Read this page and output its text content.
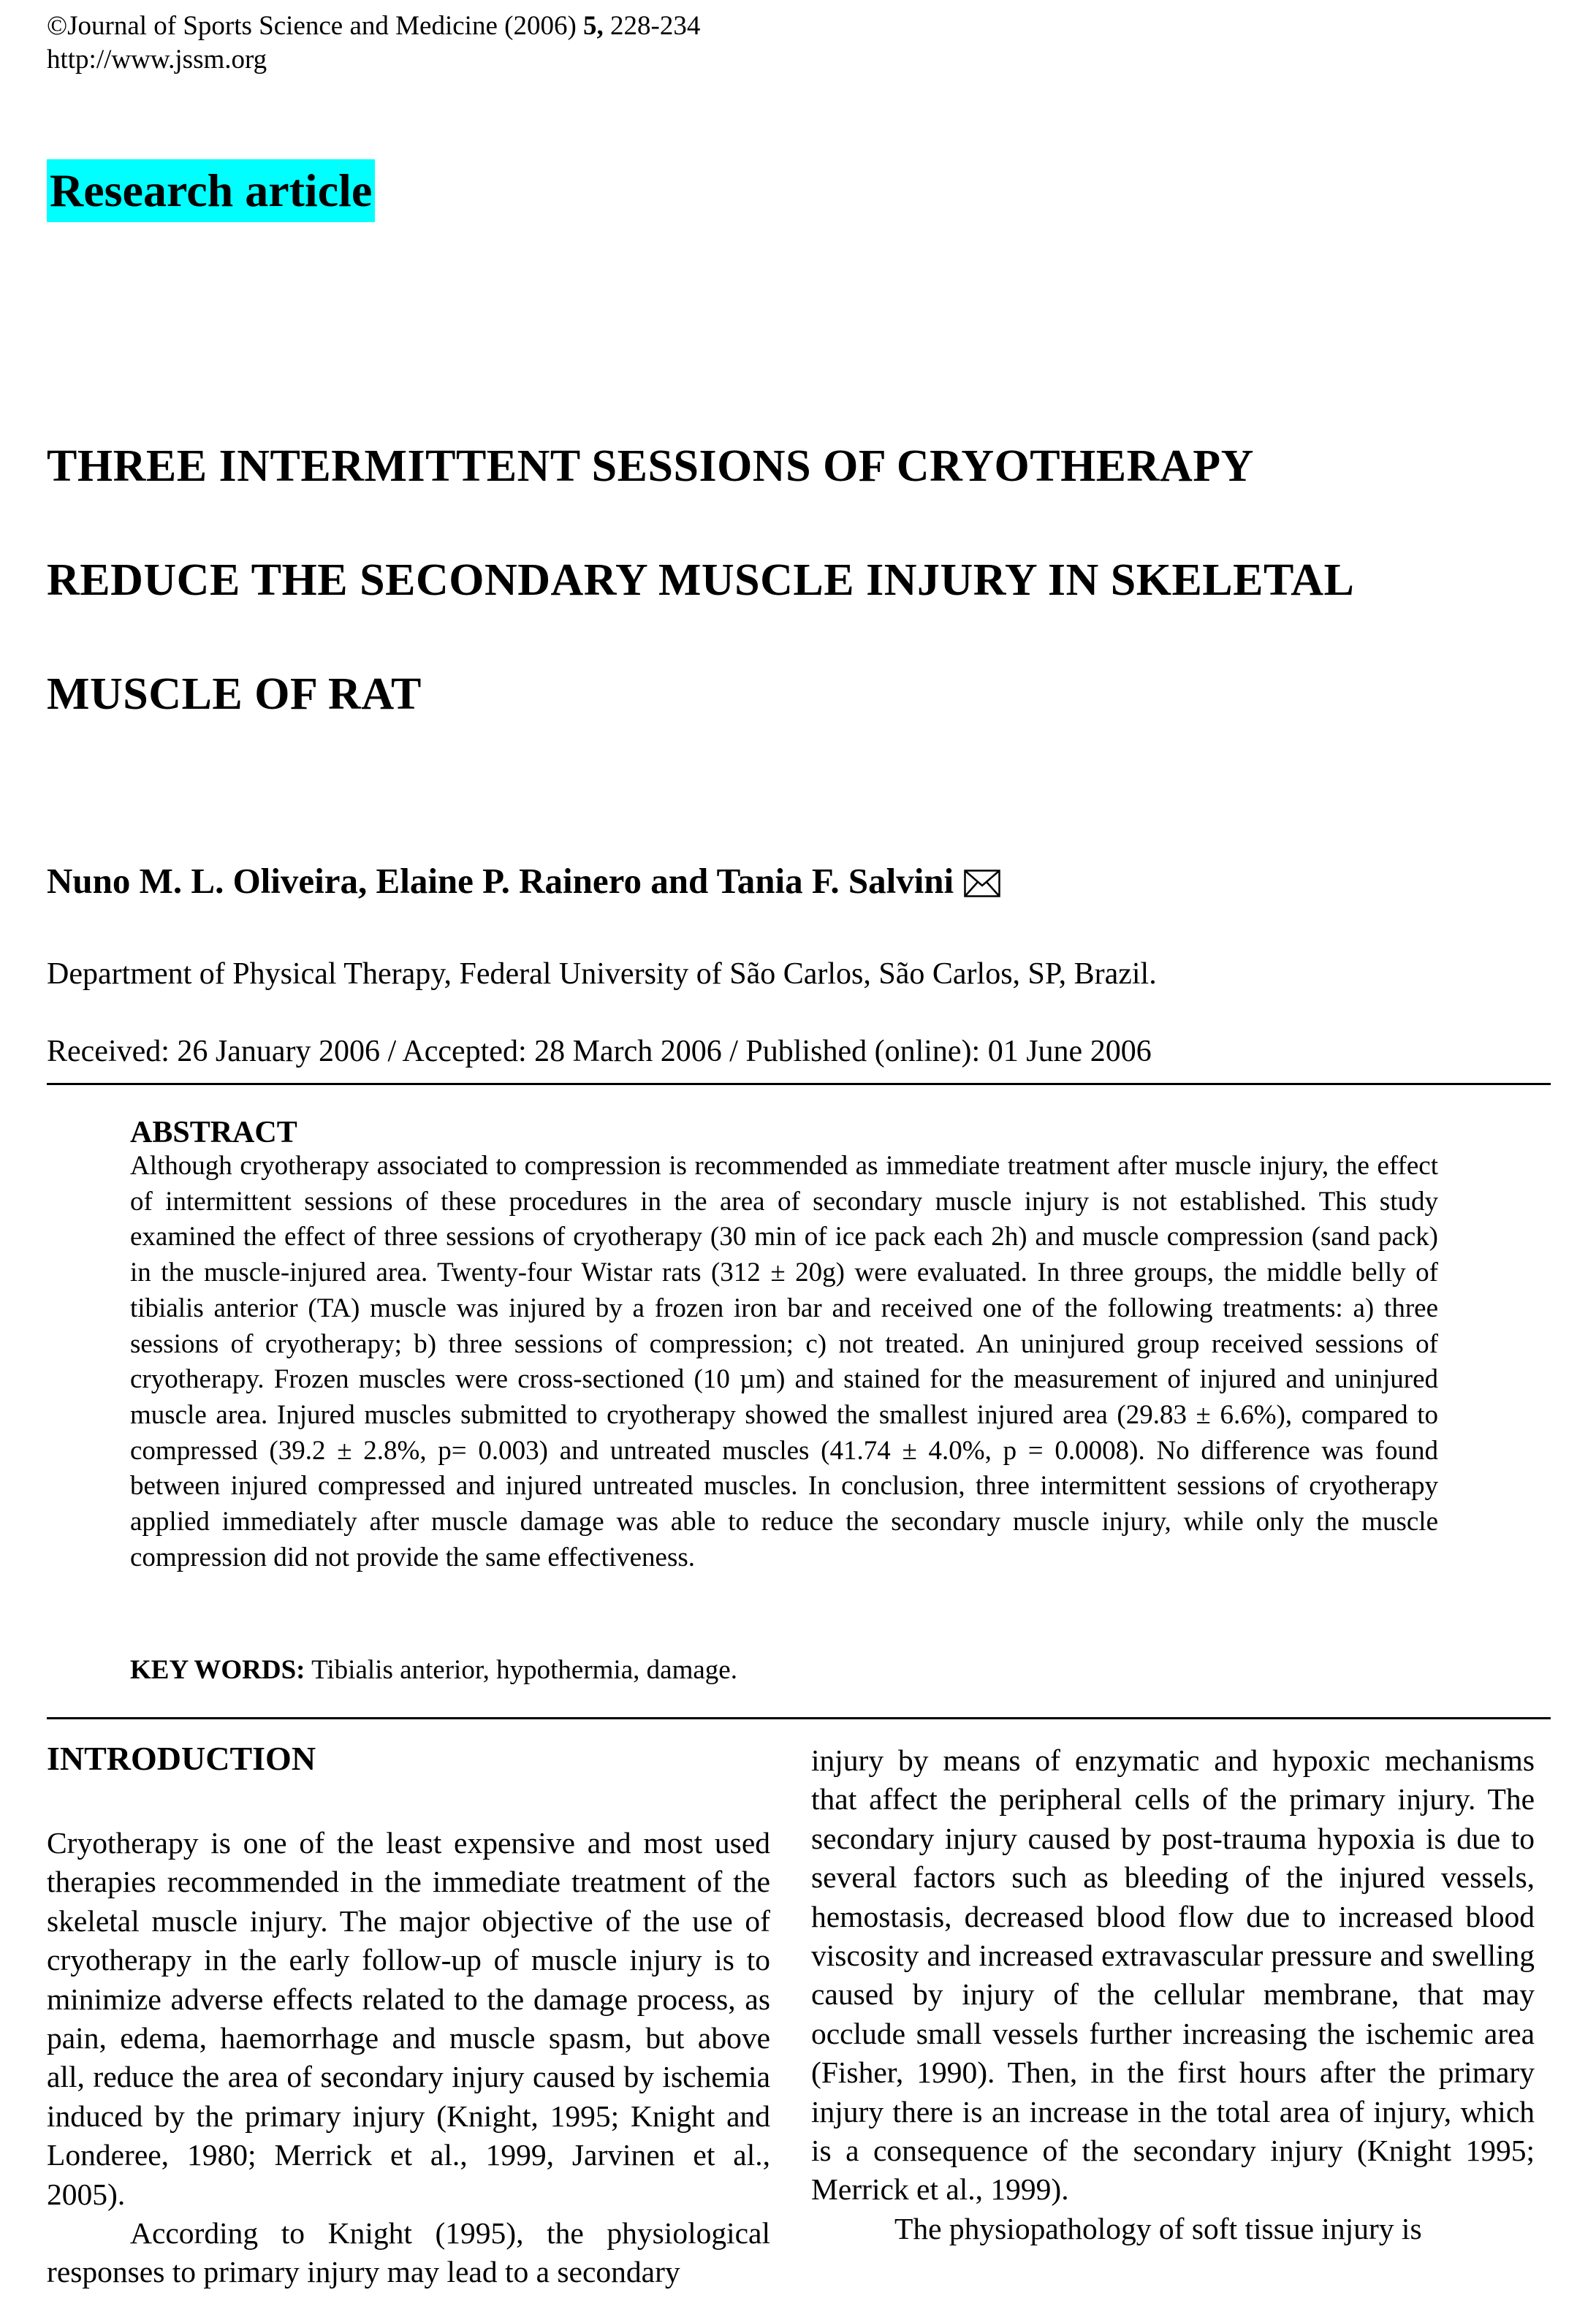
©Journal of Sports Science and Medicine (2006) 5, 228-234
http://www.jssm.org
Research article
THREE INTERMITTENT SESSIONS OF CRYOTHERAPY
REDUCE THE SECONDARY MUSCLE INJURY IN SKELETAL
MUSCLE OF RAT
Nuno M. L. Oliveira, Elaine P. Rainero and Tania F. Salvini
Department of Physical Therapy, Federal University of São Carlos, São Carlos, SP, Brazil.
Received: 26 January 2006 / Accepted: 28 March 2006 / Published (online): 01 June 2006
ABSTRACT
Although cryotherapy associated to compression is recommended as immediate treatment after muscle injury, the effect of intermittent sessions of these procedures in the area of secondary muscle injury is not established. This study examined the effect of three sessions of cryotherapy (30 min of ice pack each 2h) and muscle compression (sand pack) in the muscle-injured area. Twenty-four Wistar rats (312 ± 20g) were evaluated. In three groups, the middle belly of tibialis anterior (TA) muscle was injured by a frozen iron bar and received one of the following treatments: a) three sessions of cryotherapy; b) three sessions of compression; c) not treated. An uninjured group received sessions of cryotherapy. Frozen muscles were cross-sectioned (10 µm) and stained for the measurement of injured and uninjured muscle area. Injured muscles submitted to cryotherapy showed the smallest injured area (29.83 ± 6.6%), compared to compressed (39.2 ± 2.8%, p= 0.003) and untreated muscles (41.74 ± 4.0%, p = 0.0008). No difference was found between injured compressed and injured untreated muscles. In conclusion, three intermittent sessions of cryotherapy applied immediately after muscle damage was able to reduce the secondary muscle injury, while only the muscle compression did not provide the same effectiveness.
KEY WORDS: Tibialis anterior, hypothermia, damage.
INTRODUCTION

Cryotherapy is one of the least expensive and most used therapies recommended in the immediate treatment of the skeletal muscle injury. The major objective of the use of cryotherapy in the early follow-up of muscle injury is to minimize adverse effects related to the damage process, as pain, edema, haemorrhage and muscle spasm, but above all, reduce the area of secondary injury caused by ischemia induced by the primary injury (Knight, 1995; Knight and Londeree, 1980; Merrick et al., 1999, Jarvinen et al., 2005).

According to Knight (1995), the physiological responses to primary injury may lead to a secondary

injury by means of enzymatic and hypoxic mechanisms that affect the peripheral cells of the primary injury. The secondary injury caused by post-trauma hypoxia is due to several factors such as bleeding of the injured vessels, hemostasis, decreased blood flow due to increased blood viscosity and increased extravascular pressure and swelling caused by injury of the cellular membrane, that may occlude small vessels further increasing the ischemic area (Fisher, 1990). Then, in the first hours after the primary injury there is an increase in the total area of injury, which is a consequence of the secondary injury (Knight 1995; Merrick et al., 1999).

The physiopathology of soft tissue injury is
